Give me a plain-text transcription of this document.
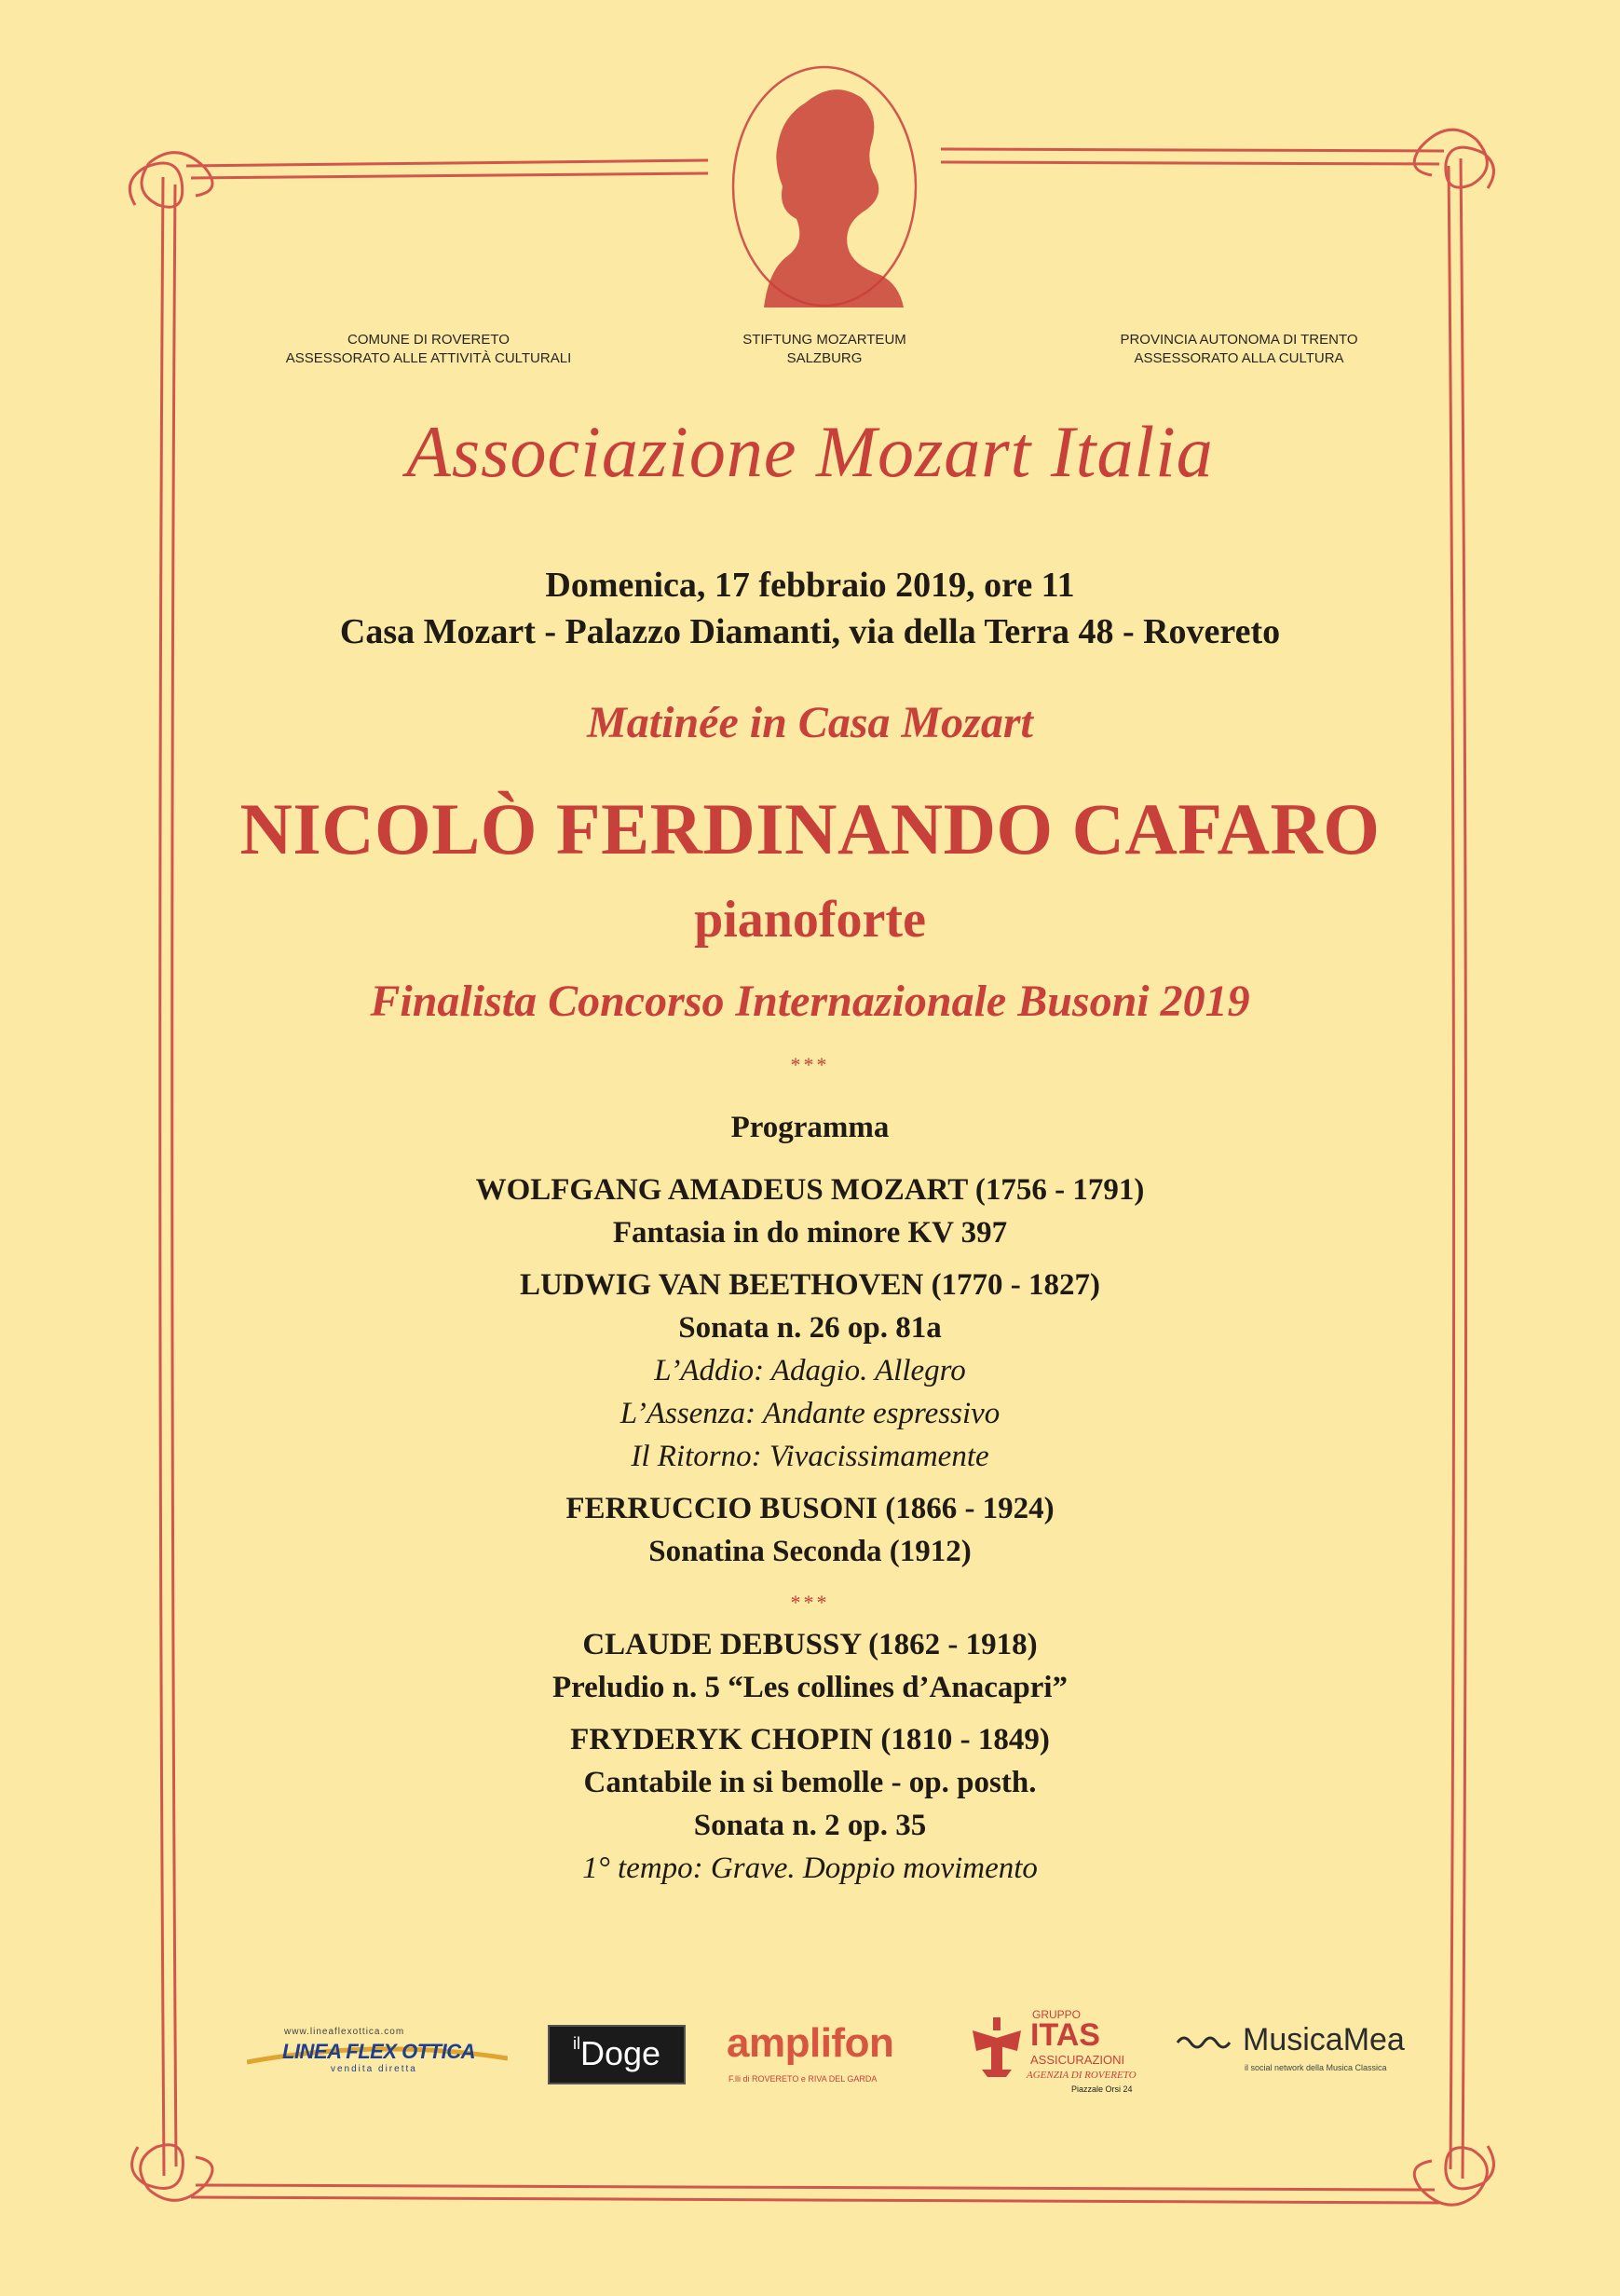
COMUNE DI ROVERETO
ASSESSORATO ALLE ATTIVITÀ CULTURALI
STIFTUNG MOZARTEUM
SALZBURG
PROVINCIA AUTONOMA DI TRENTO
ASSESSORATO ALLA CULTURA
Associazione Mozart Italia
Domenica, 17 febbraio 2019, ore 11
Casa Mozart - Palazzo Diamanti, via della Terra 48 - Rovereto
Matinée in Casa Mozart
NICOLÒ FERDINANDO CAFARO
pianoforte
Finalista Concorso Internazionale Busoni 2019
***
Programma
WOLFGANG AMADEUS MOZART (1756 - 1791)
Fantasia in do minore KV 397
LUDWIG VAN BEETHOVEN (1770 - 1827)
Sonata n. 26 op. 81a
L’Addio: Adagio. Allegro
L’Assenza: Andante espressivo
Il Ritorno: Vivacissimamente
FERRUCCIO BUSONI (1866 - 1924)
Sonatina Seconda (1912)
***
CLAUDE DEBUSSY (1862 - 1918)
Preludio n. 5 “Les collines d’Anacapri”
FRYDERYK CHOPIN (1810 - 1849)
Cantabile in si bemolle - op. posth.
Sonata n. 2 op. 35
1° tempo: Grave. Doppio movimento
www.lineaflexottica.com
LINEA FLEX OTTICA
vendita diretta
$^{il}$Doge	amplifon
F.lli di ROVERETO e RIVA DEL GARDA
GRUPPO
ITAS
ASSICURAZIONI
AGENZIA DI ROVERETO
Piazzale Orsi 24
MusicaMea
il social network della Musica Classica
